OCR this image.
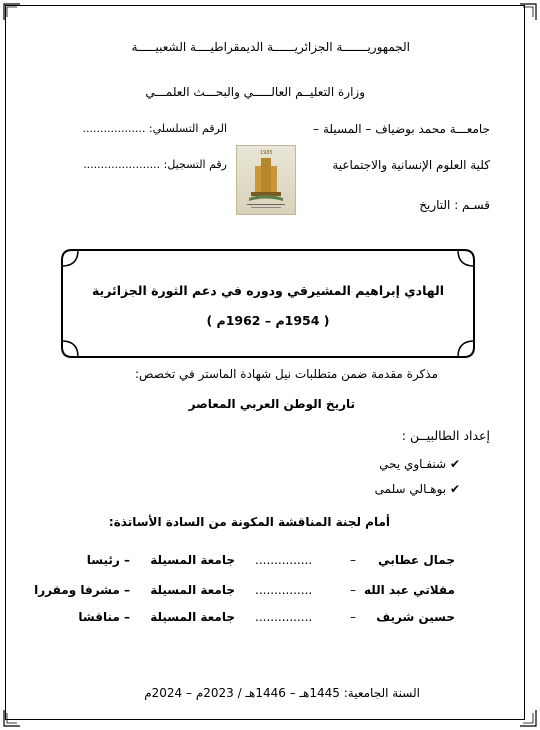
الجمهوريـــــــة الجزائريــــــة الديمقراطيــــة الشعبيـــــة
وزارة التعليــم العالـــــي والبحـــث العلمـــي
جامعـــة محمد بوضياف – المسيلة –
الرقم التسلسلي: ..................
كلية العلوم الإنسانية والاجتماعية
رقم التسجيل: ......................
قسـم : التاريخ
1985
الهادي إبراهيم المشيرقي ودوره في دعم الثورة الجزائرية
( 1954م – 1962م )
مذكرة مقدمة ضمن متطلبات نيل شهادة الماستر في تخصص:
تاريخ الوطن العربي المعاصر
إعداد الطالبيــن :
✔ شنفـاوي يحي
✔ بوهـالي سلمى
أمام لجنة المناقشة المكونة من السادة الأساتذة:
جمال عطابي
–
...............
جامعة المسيلة
– رئيسا
مقلاتي عبد الله
–
...............
جامعة المسيلة
– مشرفا ومقررا
حسين شريف
–
...............
جامعة المسيلة
– مناقشا
السنة الجامعية: 1445هـ – 1446هـ / 2023م – 2024م
